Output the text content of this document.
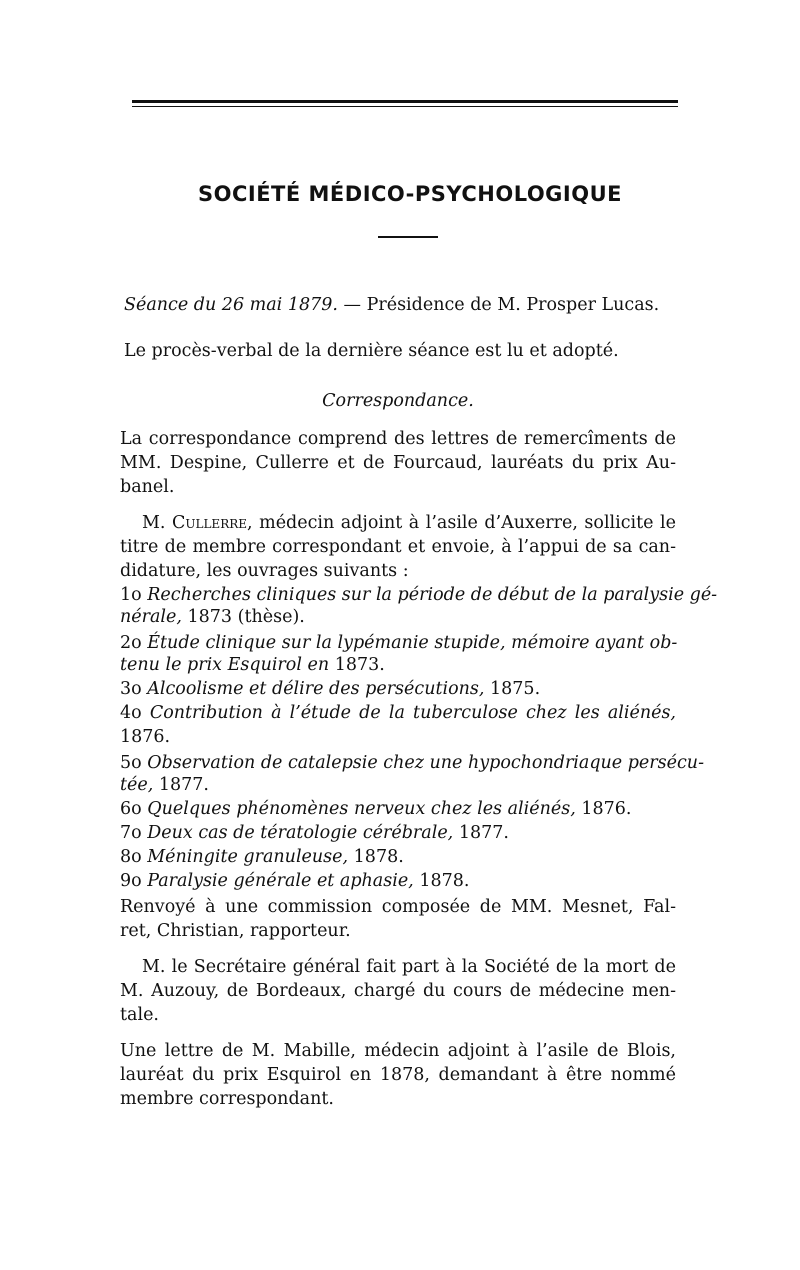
SOCIÉTÉ MÉDICO-PSYCHOLOGIQUE
Séance du 26 mai 1879. — Présidence de M. Prosper Lucas.
Le procès-verbal de la dernière séance est lu et adopté.
Correspondance.
La correspondance comprend des lettres de remercîments de
MM. Despine, Cullerre et de Fourcaud, lauréats du prix Au-
banel.
M. Cullerre, médecin adjoint à l’asile d’Auxerre, sollicite le
titre de membre correspondant et envoie, à l’appui de sa can-
didature, les ouvrages suivants :
1o Recherches cliniques sur la période de début de la paralysie gé-
nérale, 1873 (thèse).
2o Étude clinique sur la lypémanie stupide, mémoire ayant ob-
tenu le prix Esquirol en 1873.
3o Alcoolisme et délire des persécutions, 1875.
4o Contribution à l’étude de la tuberculose chez les aliénés,
1876.
5o Observation de catalepsie chez une hypochondriaque persécu-
tée, 1877.
6o Quelques phénomènes nerveux chez les aliénés, 1876.
7o Deux cas de tératologie cérébrale, 1877.
8o Méningite granuleuse, 1878.
9o Paralysie générale et aphasie, 1878.
Renvoyé à une commission composée de MM. Mesnet, Fal-
ret, Christian, rapporteur.
M. le Secrétaire général fait part à la Société de la mort de
M. Auzouy, de Bordeaux, chargé du cours de médecine men-
tale.
Une lettre de M. Mabille, médecin adjoint à l’asile de Blois,
lauréat du prix Esquirol en 1878, demandant à être nommé
membre correspondant.
